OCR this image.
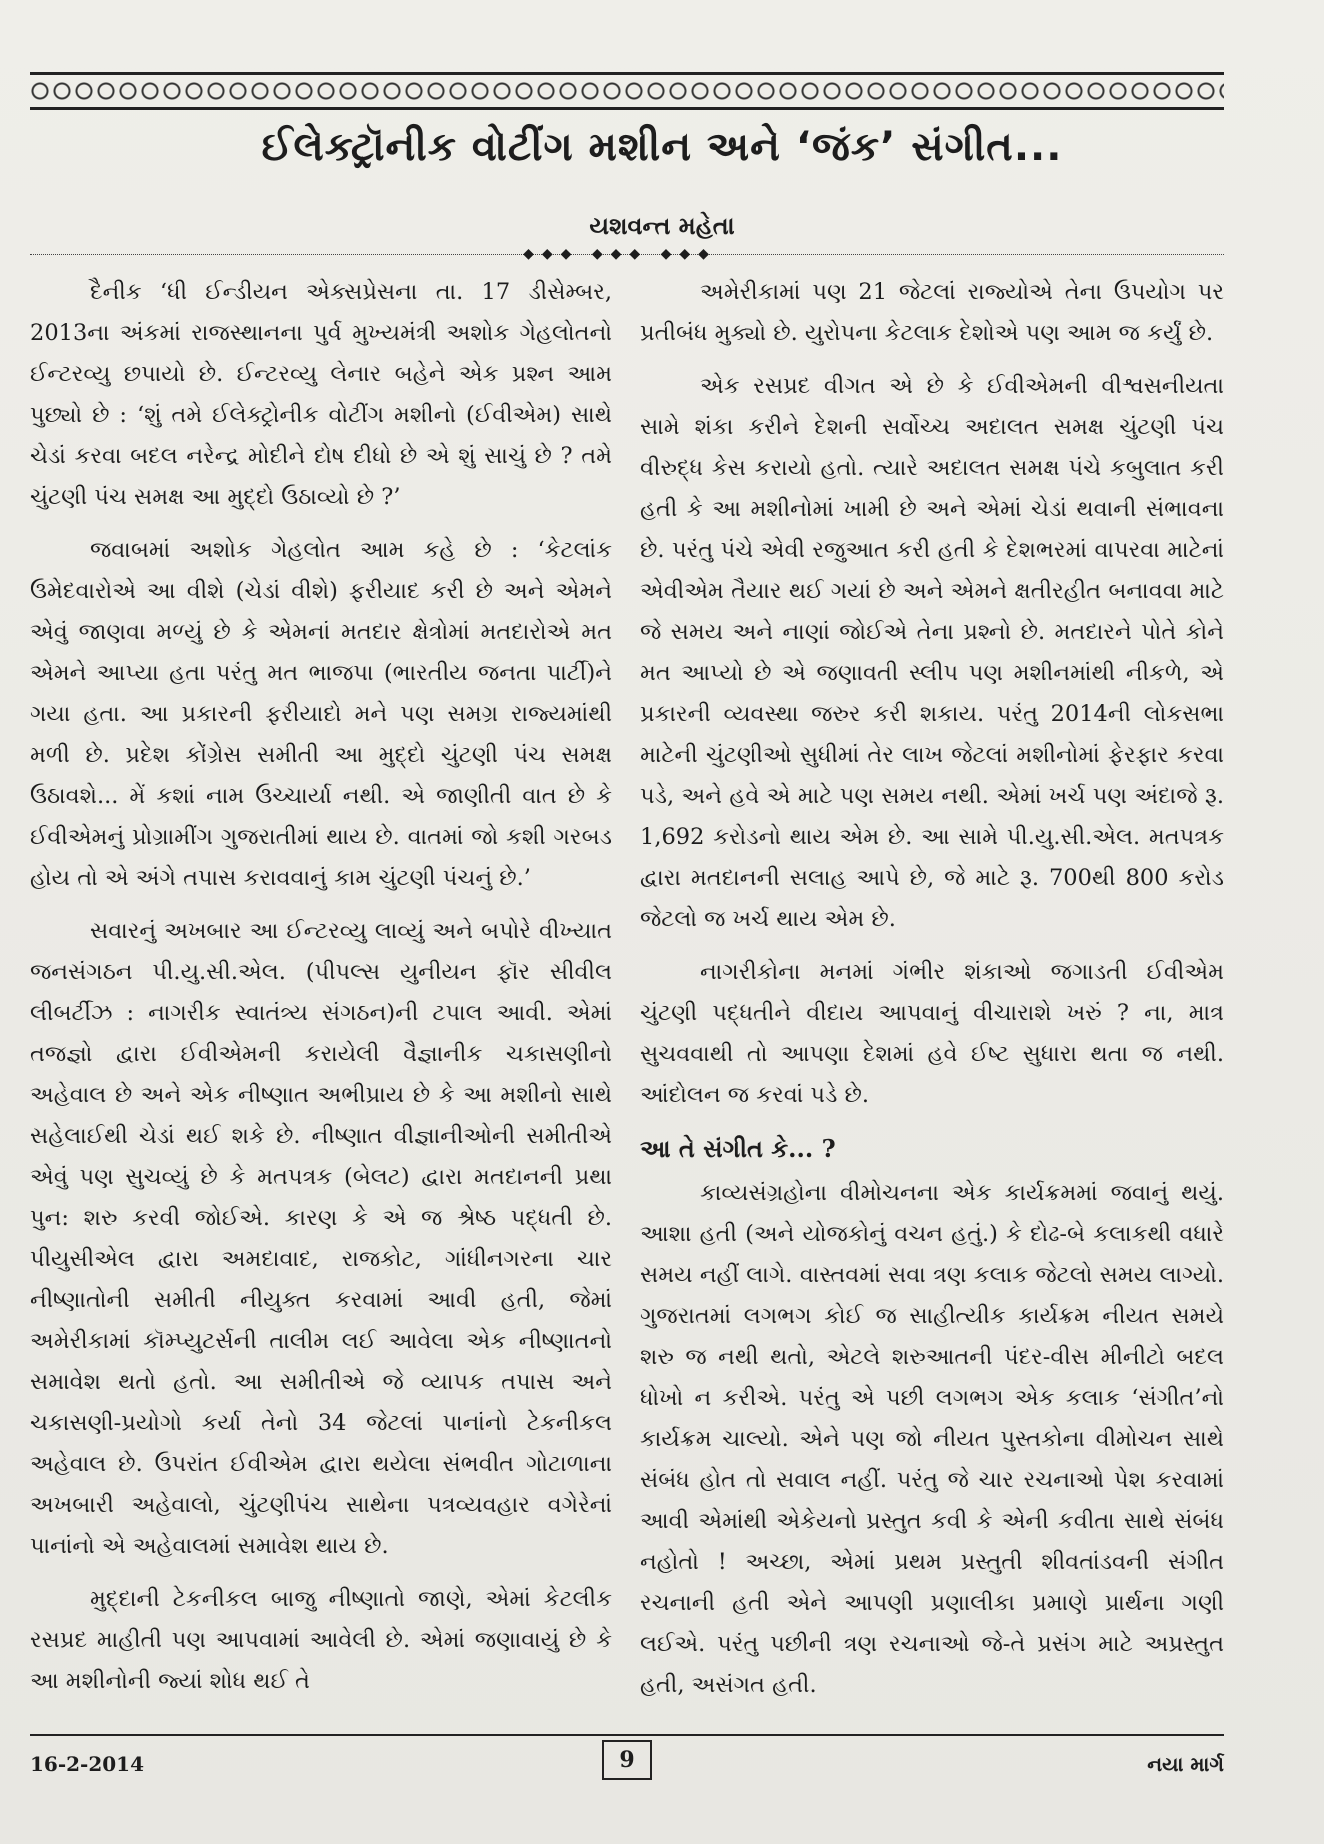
ઈલેક્ટ્રૉનીક વોટીંગ મશીન અને ‘જંક’ સંગીત...
યશવન્ત મહેતા
◆◆◆ ◆◆◆ ◆◆◆

દૈનીક ‘ધી ઈન્ડીયન એક્સપ્રેસના તા. 17 ડીસેમ્બર, 2013ના અંકમાં રાજસ્થાનના પુર્વ મુખ્યમંત્રી અશોક ગેહલોતનો ઈન્ટરવ્યુ છપાયો છે. ઈન્ટરવ્યુ લેનાર બહેને એક પ્રશ્ન આમ પુછ્યો છે : ‘શું તમે ઈલેક્ટ્રોનીક વોટીંગ મશીનો (ઈવીએમ) સાથે ચેડાં કરવા બદલ નરેન્દ્ર મોદીને દોષ દીધો છે એ શું સાચું છે ? તમે ચુંટણી પંચ સમક્ષ આ મુદ્દો ઉઠાવ્યો છે ?’

જવાબમાં અશોક ગેહલોત આમ કહે છે : ‘કેટલાંક ઉમેદવારોએ આ વીશે (ચેડાં વીશે) ફરીયાદ કરી છે અને એમને એવું જાણવા મળ્યું છે કે એમનાં મતદાર ક્ષેત્રોમાં મતદારોએ મત એમને આપ્યા હતા પરંતુ મત ભાજપા (ભારતીય જનતા પાર્ટી)ને ગયા હતા. આ પ્રકારની ફરીયાદો મને પણ સમગ્ર રાજ્યમાંથી મળી છે. પ્રદેશ કોંગ્રેસ સમીતી આ મુદ્દો ચુંટણી પંચ સમક્ષ ઉઠાવશે... મેં કશાં નામ ઉચ્ચાર્યા નથી. એ જાણીતી વાત છે કે ઈવીએમનું પ્રોગ્રામીંગ ગુજરાતીમાં થાય છે. વાતમાં જો કશી ગરબડ હોય તો એ અંગે તપાસ કરાવવાનું કામ ચુંટણી પંચનું છે.’

સવારનું અખબાર આ ઈન્ટરવ્યુ લાવ્યું અને બપોરે વીખ્યાત જનસંગઠન પી.યુ.સી.એલ. (પીપલ્સ યુનીયન ફૉર સીવીલ લીબર્ટીઝ : નાગરીક સ્વાતંત્ર્ય સંગઠન)ની ટપાલ આવી. એમાં તજજ્ઞો દ્વારા ઈવીએમની કરાયેલી વૈજ્ઞાનીક ચકાસણીનો અહેવાલ છે અને એક નીષ્ણાત અભીપ્રાય છે કે આ મશીનો સાથે સહેલાઈથી ચેડાં થઈ શકે છે. નીષ્ણાત વીજ્ઞાનીઓની સમીતીએ એવું પણ સુચવ્યું છે કે મતપત્રક (બેલટ) દ્વારા મતદાનની પ્રથા પુન: શરુ કરવી જોઈએ. કારણ કે એ જ શ્રેષ્ઠ પદ્ધતી છે. પીયુસીએલ દ્વારા અમદાવાદ, રાજકોટ, ગાંધીનગરના ચાર નીષ્ણાતોની સમીતી નીયુક્ત કરવામાં આવી હતી, જેમાં અમેરીકામાં કૉમ્પ્યુટર્સની તાલીમ લઈ આવેલા એક નીષ્ણાતનો સમાવેશ થતો હતો. આ સમીતીએ જે વ્યાપક તપાસ અને ચકાસણી-પ્રયોગો કર્યા તેનો 34 જેટલાં પાનાંનો ટેકનીકલ અહેવાલ છે. ઉપરાંત ઈવીએમ દ્વારા થયેલા સંભવીત ગોટાળાના અખબારી અહેવાલો, ચુંટણીપંચ સાથેના પત્રવ્યવહાર વગેરેનાં પાનાંનો એ અહેવાલમાં સમાવેશ થાય છે.

મુદ્દાની ટેકનીકલ બાજુ નીષ્ણાતો જાણે, એમાં કેટલીક રસપ્રદ માહીતી પણ આપવામાં આવેલી છે. એમાં જણાવાયું છે કે આ મશીનોની જ્યાં શોધ થઈ તે

અમેરીકામાં પણ 21 જેટલાં રાજ્યોએ તેના ઉપયોગ પર પ્રતીબંધ મુક્યો છે. યુરોપના કેટલાક દેશોએ પણ આમ જ કર્યું છે.

એક રસપ્રદ વીગત એ છે કે ઈવીએમની વીશ્વસનીયતા સામે શંકા કરીને દેશની સર્વોચ્ચ અદાલત સમક્ષ ચુંટણી પંચ વીરુદ્ધ કેસ કરાયો હતો. ત્યારે અદાલત સમક્ષ પંચે કબુલાત કરી હતી કે આ મશીનોમાં ખામી છે અને એમાં ચેડાં થવાની સંભાવના છે. પરંતુ પંચે એવી રજુઆત કરી હતી કે દેશભરમાં વાપરવા માટેનાં એવીએમ તૈયાર થઈ ગયાં છે અને એમને ક્ષતીરહીત બનાવવા માટે જે સમય અને નાણાં જોઈએ તેના પ્રશ્નો છે. મતદારને પોતે કોને મત આપ્યો છે એ જણાવતી સ્લીપ પણ મશીનમાંથી નીકળે, એ પ્રકારની વ્યવસ્થા જરુર કરી શકાય. પરંતુ 2014ની લોકસભા માટેની ચુંટણીઓ સુધીમાં તેર લાખ જેટલાં મશીનોમાં ફેરફાર કરવા પડે, અને હવે એ માટે પણ સમય નથી. એમાં ખર્ચ પણ અંદાજે રૂ. 1,692 કરોડનો થાય એમ છે. આ સામે પી.યુ.સી.એલ. મતપત્રક દ્વારા મતદાનની સલાહ આપે છે, જે માટે રૂ. 700થી 800 કરોડ જેટલો જ ખર્ચ થાય એમ છે.

નાગરીકોના મનમાં ગંભીર શંકાઓ જગાડતી ઈવીએમ ચુંટણી પદ્ધતીને વીદાય આપવાનું વીચારાશે ખરું ? ના, માત્ર સુચવવાથી તો આપણા દેશમાં હવે ઈષ્ટ સુધારા થતા જ નથી. આંદોલન જ કરવાં પડે છે.

આ તે સંગીત કે... ?

કાવ્યસંગ્રહોના વીમોચનના એક કાર્યક્રમમાં જવાનું થયું. આશા હતી (અને યોજકોનું વચન હતું.) કે દોઢ-બે કલાકથી વધારે સમય નહીં લાગે. વાસ્તવમાં સવા ત્રણ કલાક જેટલો સમય લાગ્યો. ગુજરાતમાં લગભગ કોઈ જ સાહીત્યીક કાર્યક્રમ નીયત સમયે શરુ જ નથી થતો, એટલે શરુઆતની પંદર-વીસ મીનીટો બદલ ધોખો ન કરીએ. પરંતુ એ પછી લગભગ એક કલાક ‘સંગીત’નો કાર્યક્રમ ચાલ્યો. એને પણ જો નીયત પુસ્તકોના વીમોચન સાથે સંબંધ હોત તો સવાલ નહીં. પરંતુ જે ચાર રચનાઓ પેશ કરવામાં આવી એમાંથી એકેયનો પ્રસ્તુત કવી કે એની કવીતા સાથે સંબંધ નહોતો ! અચ્છા, એમાં પ્રથમ પ્રસ્તુતી શીવતાંડવની સંગીત રચનાની હતી એને આપણી પ્રણાલીકા પ્રમાણે પ્રાર્થના ગણી લઈએ. પરંતુ પછીની ત્રણ રચનાઓ જે-તે પ્રસંગ માટે અપ્રસ્તુત હતી, અસંગત હતી.

16-2-2014	9	નયા માર્ગ
